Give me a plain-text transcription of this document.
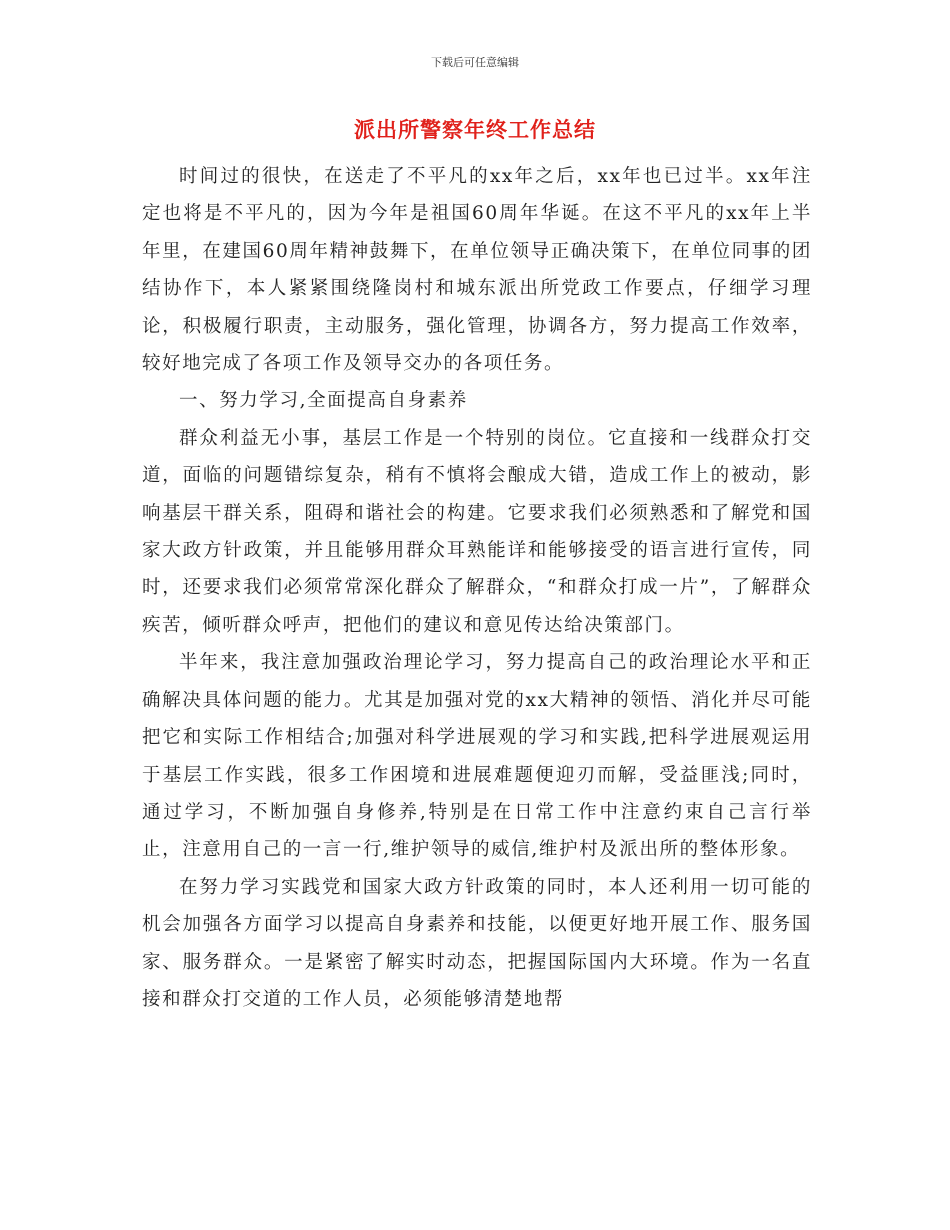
下载后可任意编辑
派出所警察年终工作总结

时间过的很快，在送走了不平凡的xx年之后，xx年也已过半。xx年注定也将是不平凡的，因为今年是祖国60周年华诞。在这不平凡的xx年上半年里，在建国60周年精神鼓舞下，在单位领导正确决策下，在单位同事的团结协作下，本人紧紧围绕隆岗村和城东派出所党政工作要点，仔细学习理论，积极履行职责，主动服务，强化管理，协调各方，努力提高工作效率，较好地完成了各项工作及领导交办的各项任务。

一、努力学习,全面提高自身素养

群众利益无小事，基层工作是一个特别的岗位。它直接和一线群众打交道，面临的问题错综复杂，稍有不慎将会酿成大错，造成工作上的被动，影响基层干群关系，阻碍和谐社会的构建。它要求我们必须熟悉和了解党和国家大政方针政策，并且能够用群众耳熟能详和能够接受的语言进行宣传，同时，还要求我们必须常常深化群众了解群众，“和群众打成一片”，了解群众疾苦，倾听群众呼声，把他们的建议和意见传达给决策部门。

半年来，我注意加强政治理论学习，努力提高自己的政治理论水平和正确解决具体问题的能力。尤其是加强对党的xx大精神的领悟、消化并尽可能把它和实际工作相结合;加强对科学进展观的学习和实践,把科学进展观运用于基层工作实践，很多工作困境和进展难题便迎刃而解，受益匪浅;同时，通过学习，不断加强自身修养,特别是在日常工作中注意约束自己言行举止，注意用自己的一言一行,维护领导的威信,维护村及派出所的整体形象。

在努力学习实践党和国家大政方针政策的同时，本人还利用一切可能的机会加强各方面学习以提高自身素养和技能，以便更好地开展工作、服务国家、服务群众。一是紧密了解实时动态，把握国际国内大环境。作为一名直接和群众打交道的工作人员，必须能够清楚地帮
